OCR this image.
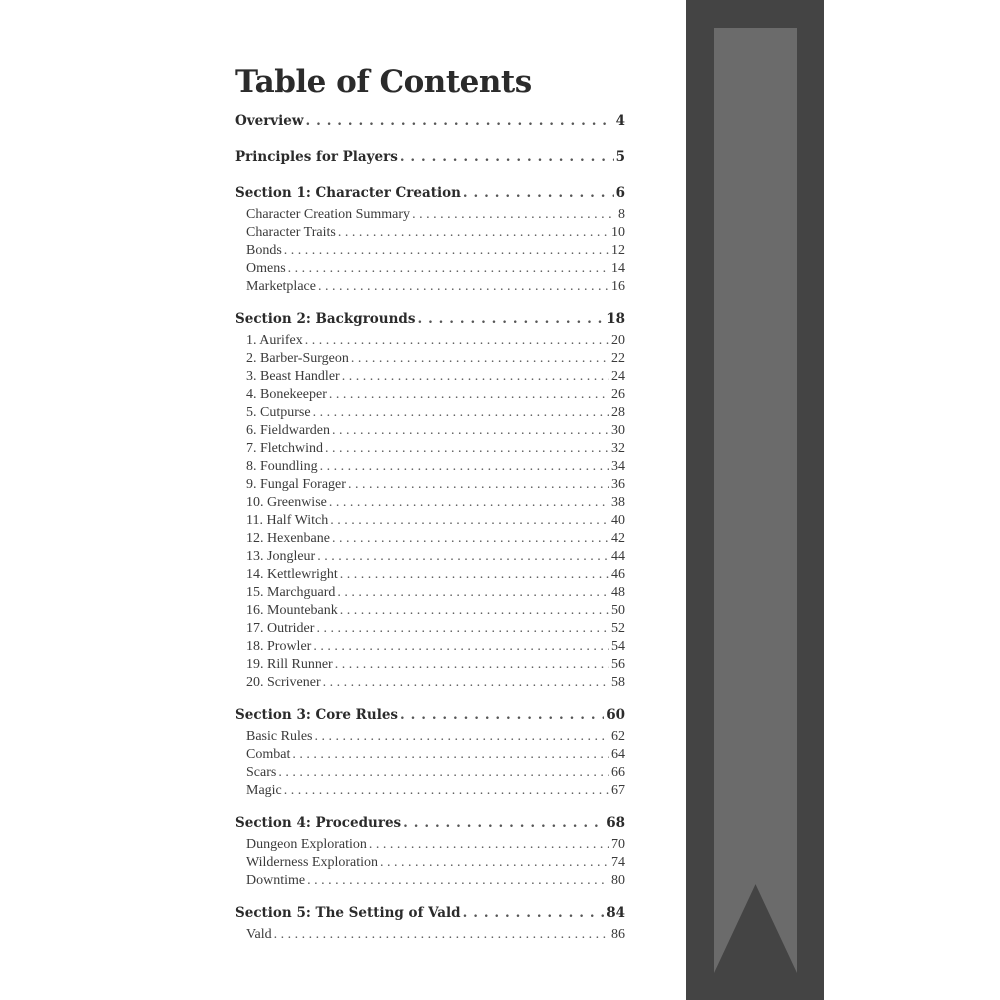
Table of Contents
Overview . . .	4
Principles for Players . . .	5
Section 1: Character Creation . . .	6
Character Creation Summary . . .	8
Character Traits . . .	10
Bonds . . .	12
Omens . . .	14
Marketplace . . .	16
Section 2: Backgrounds . . .	18
1. Aurifex . . .	20
2. Barber-Surgeon . . .	22
3. Beast Handler . . .	24
4. Bonekeeper . . .	26
5. Cutpurse . . .	28
6. Fieldwarden . . .	30
7. Fletchwind . . .	32
8. Foundling . . .	34
9. Fungal Forager . . .	36
10. Greenwise . . .	38
11. Half Witch . . .	40
12. Hexenbane . . .	42
13. Jongleur . . .	44
14. Kettlewright . . .	46
15. Marchguard . . .	48
16. Mountebank . . .	50
17. Outrider . . .	52
18. Prowler . . .	54
19. Rill Runner . . .	56
20. Scrivener . . .	58
Section 3: Core Rules . . .	60
Basic Rules . . .	62
Combat . . .	64
Scars . . .	66
Magic . . .	67
Section 4: Procedures . . .	68
Dungeon Exploration . . .	70
Wilderness Exploration . . .	74
Downtime . . .	80
Section 5: The Setting of Vald . . .	84
Vald . . .	86
